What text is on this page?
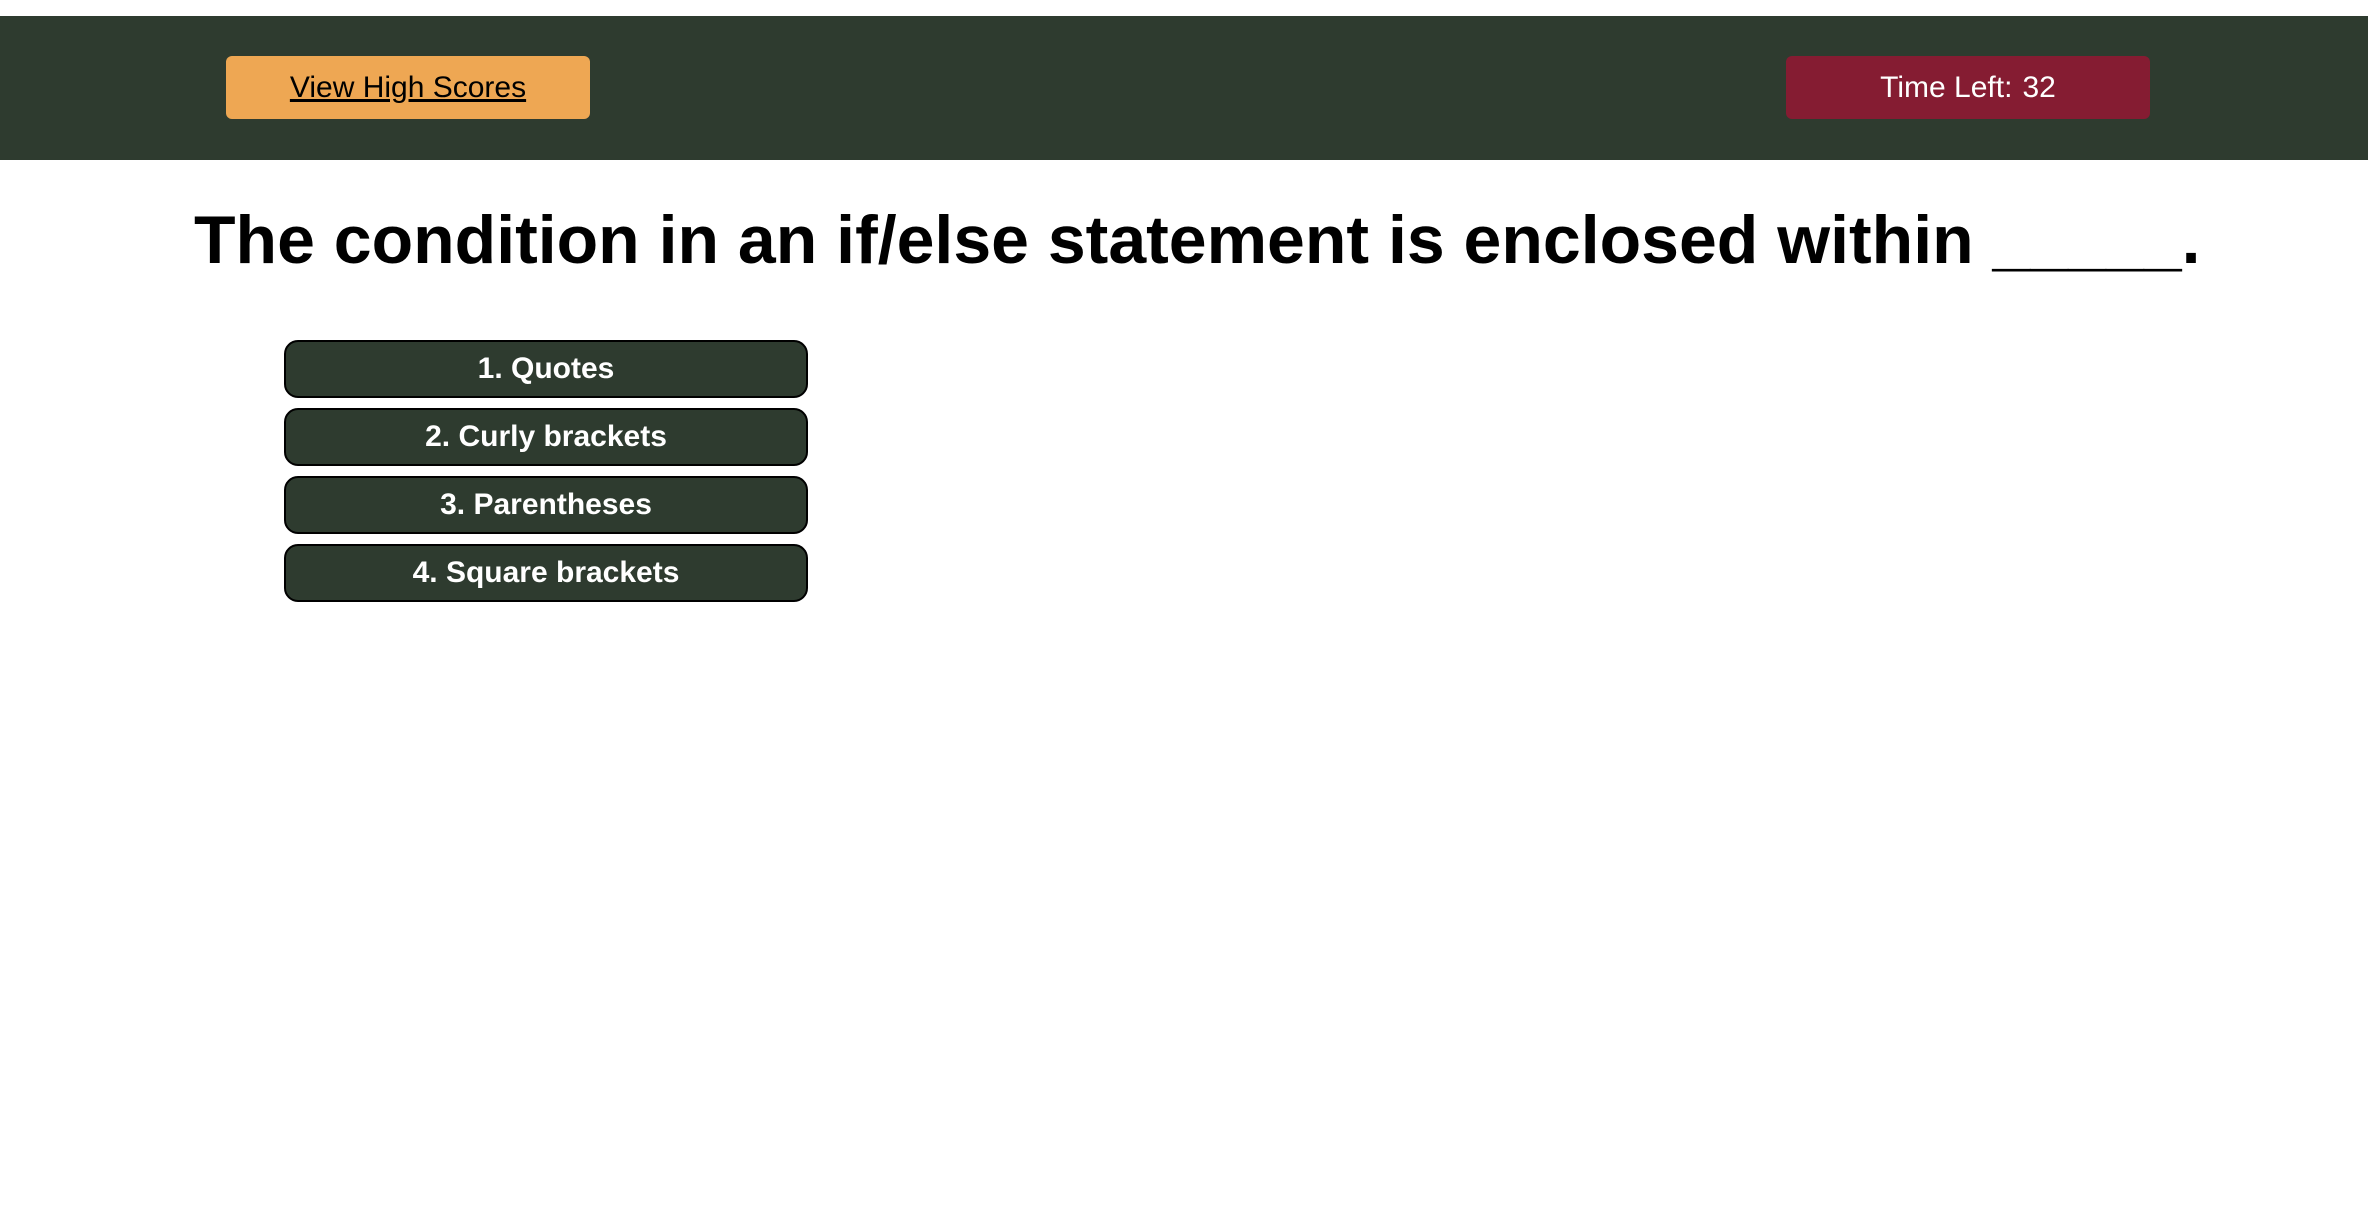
View High Scores	Time Left: 32
The condition in an if/else statement is enclosed within _____.
1. Quotes
2. Curly brackets
3. Parentheses
4. Square brackets
